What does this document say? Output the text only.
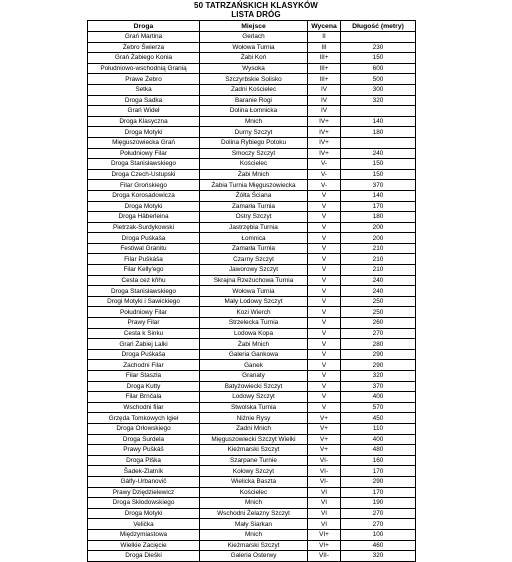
50 TATRZAŃSKICH KLASYKÓW
LISTA DRÓG
Droga	Miejsce	Wycena	Długość (metry)
Grań Martina	Gerlach	II	
Żebro Świerza	Wołowa Turnia	III	230
Grań Żabiego Konia	Żabi Koń	III+	150
Południowo-wschodnią Granią	Wysoka	III+	600
Prawe Żebro	Szczyrbskie Solisko	III+	500
Setka	Zadni Kościelec	IV	300
Droga Sadka	Baranie Rogi	IV	320
Grań Wideł	Dolina Łomnicka	IV	
Droga Klasyczna	Mnich	IV+	140
Droga Motyki	Durny Szczyt	IV+	180
Mięguszowiecka Grań	Dolina Rybiego Potoku	IV+	
Południowy Filar	Smoczy Szczyt	IV+	240
Droga Stanisławskiego	Kościelec	V-	150
Droga Czech-Ustupski	Żabi Mnich	V-	150
Filar Grońskiego	Żabia Turnia Mięguszowiecka	V-	370
Droga Korosadowicza	Żółta Ściana	V	140
Droga Motyki	Zamarła Turnia	V	170
Droga Häberleina	Ostry Szczyt	V	180
Pietrzak-Surdykowski	Jastrzębia Turnia	V	200
Droga Puśkaša	Łomnica	V	200
Festiwal Granitu	Zamarła Turnia	V	210
Filar Puškáša	Czarny Szczyt	V	210
Filar Kelly'ego	Jaworowy Szczyt	V	210
Cesta cez kňhu	Skrajna Rzeżuchowa Turnia	V	240
Droga Stanisławskiego	Wołowa Turnia	V	240
Drogi Motyki i Sawickiego	Mały Lodowy Szczyt	V	250
Południowy Filar	Kozi Wierch	V	250
Prawy Filar	Strzelecka Turnia	V	260
Cesta k Sinku	Lodowa Kopa	V	270
Grań Żabiej Lalki	Żabi Mnich	V	280
Droga Puśkaša	Galeria Gankowa	V	290
Zachodni Filar	Ganek	V	290
Filar Staszla	Granaty	V	320
Droga Kutty	Batyżowiecki Szczyt	V	370
Filar Brnčala	Lodowy Szczyt	V	400
Wschodni filar	Stwolska Turnia	V	570
Grzęda Tomkowych Igieł	Niżnie Rysy	V+	450
Droga Orłowskiego	Zadni Mnich	V+	110
Droga Surdela	Mięguszowiecki Szczyt Wielki	V+	400
Prawy Puškáš	Kieżmarski Szczyt	V+	480
Droga Plška	Szarpane Turnie	VI-	160
Šadek-Zlatník	Kołowy Szczyt	VI-	170
Gálfy-Urbanovič	Wielicka Baszta	VI-	290
Prawy Dziędzielewicz	Kościelec	VI	170
Droga Skłodowskiego	Mnich	VI	190
Droga Motyki	Wschodni Żelazny Szczyt	VI	270
Velička	Mały Siarkan	VI	270
Międzymiastowa	Mnich	VI+	100
Wielkie Zacięcie	Kieżmarski Szczyt	VI+	460
Droga Dieški	Galeria Osterwy	VII-	320
